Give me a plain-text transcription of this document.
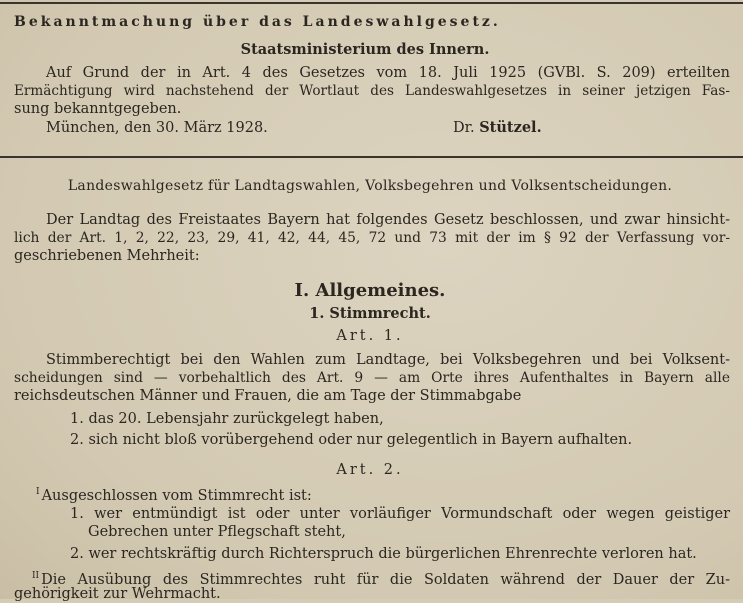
Bekanntmachung über das Landeswahlgesetz.
Staatsministerium des Innern.
Auf Grund der in Art. 4 des Gesetzes vom 18. Juli 1925 (GVBl. S. 209) erteilten
Ermächtigung wird nachstehend der Wortlaut des Landeswahlgesetzes in seiner jetzigen Fas-
sung bekanntgegeben.
München, den 30. März 1928.	Dr. Stützel.
Landeswahlgesetz für Landtagswahlen, Volksbegehren und Volksentscheidungen.
Der Landtag des Freistaates Bayern hat folgendes Gesetz beschlossen, und zwar hinsicht-
lich der Art. 1, 2, 22, 23, 29, 41, 42, 44, 45, 72 und 73 mit der im § 92 der Verfassung vor-
geschriebenen Mehrheit:
I. Allgemeines.
1. Stimmrecht.
Art. 1.
Stimmberechtigt bei den Wahlen zum Landtage, bei Volksbegehren und bei Volksent-
scheidungen sind — vorbehaltlich des Art. 9 — am Orte ihres Aufenthaltes in Bayern alle
reichsdeutschen Männer und Frauen, die am Tage der Stimmabgabe
1. das 20. Lebensjahr zurückgelegt haben,
2. sich nicht bloß vorübergehend oder nur gelegentlich in Bayern aufhalten.
Art. 2.
$^I$ Ausgeschlossen vom Stimmrecht ist:
1. wer entmündigt ist oder unter vorläufiger Vormundschaft oder wegen geistiger
Gebrechen unter Pflegschaft steht,
2. wer rechtskräftig durch Richterspruch die bürgerlichen Ehrenrechte verloren hat.
$^{II}$ Die Ausübung des Stimmrechtes ruht für die Soldaten während der Dauer der Zu-
gehörigkeit zur Wehrmacht.
